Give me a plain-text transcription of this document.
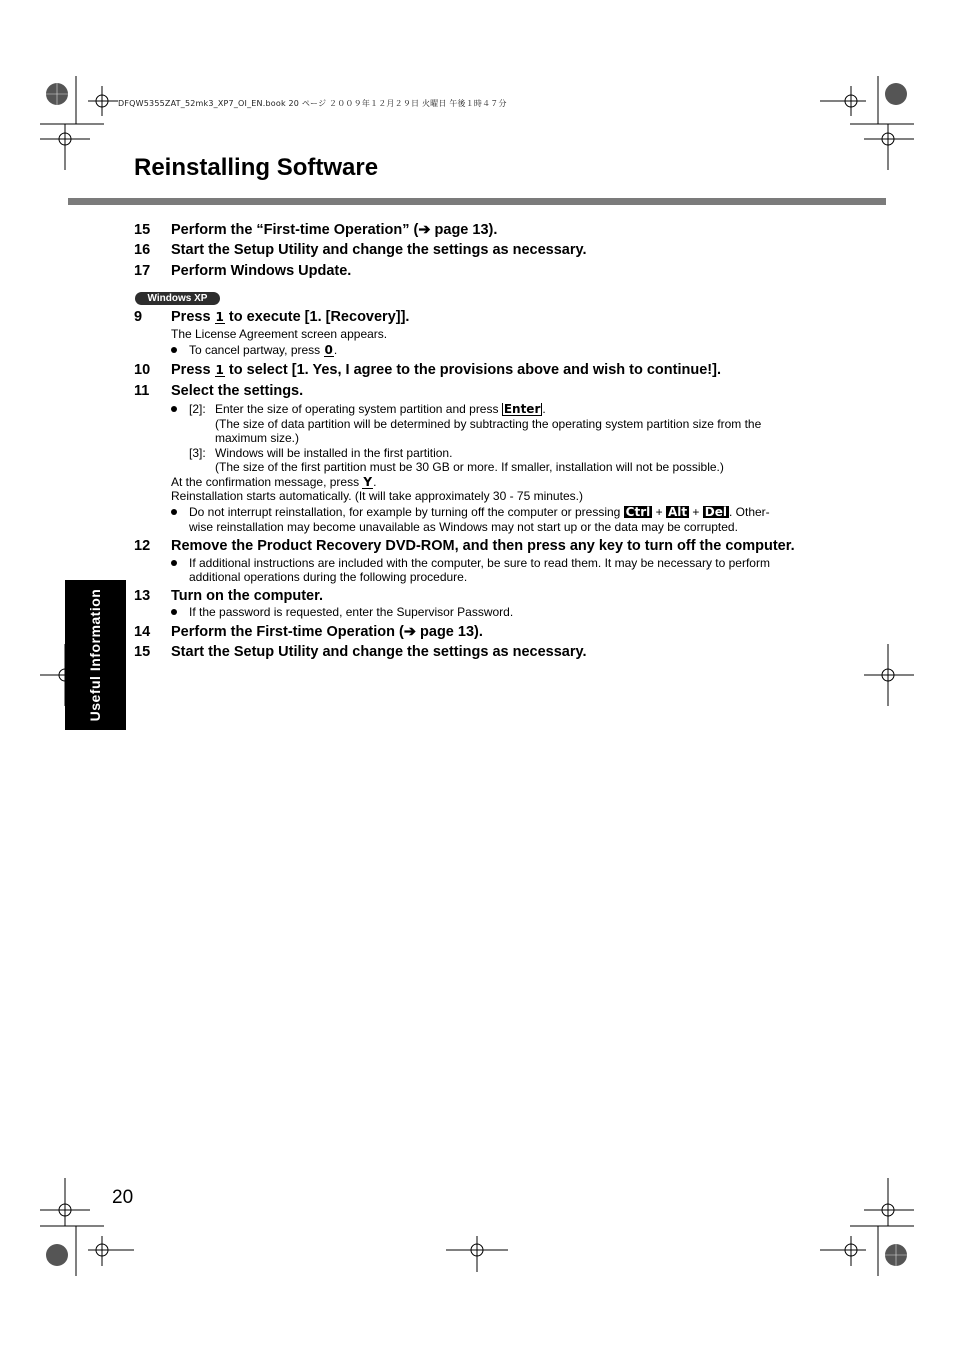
DFQW5355ZAT_52mk3_XP7_OI_EN.book 20 ページ ２００９年１２月２９日 火曜日 午後１時４７分
Reinstalling Software
15 Perform the “First-time Operation” (➔ page 13).
16 Start the Setup Utility and change the settings as necessary.
17 Perform Windows Update.
Windows XP
9 Press 1 to execute [1. [Recovery]].
The License Agreement screen appears.
To cancel partway, press 0.
10 Press 1 to select [1. Yes, I agree to the provisions above and wish to continue!].
11 Select the settings.
[2]: Enter the size of operating system partition and press Enter .
(The size of data partition will be determined by subtracting the operating system partition size from the
maximum size.)
[3]: Windows will be installed in the first partition.
(The size of the first partition must be 30 GB or more. If smaller, installation will not be possible.)
At the confirmation message, press Y.
Reinstallation starts automatically. (It will take approximately 30 - 75 minutes.)
Do not interrupt reinstallation, for example by turning off the computer or pressing Ctrl + Alt + Del . Other-
wise reinstallation may become unavailable as Windows may not start up or the data may be corrupted.
12 Remove the Product Recovery DVD-ROM, and then press any key to turn off the computer.
If additional instructions are included with the computer, be sure to read them. It may be necessary to perform
additional operations during the following procedure.
13 Turn on the computer.
If the password is requested, enter the Supervisor Password.
14 Perform the First-time Operation (➔ page 13).
15 Start the Setup Utility and change the settings as necessary.
Useful Information
20
